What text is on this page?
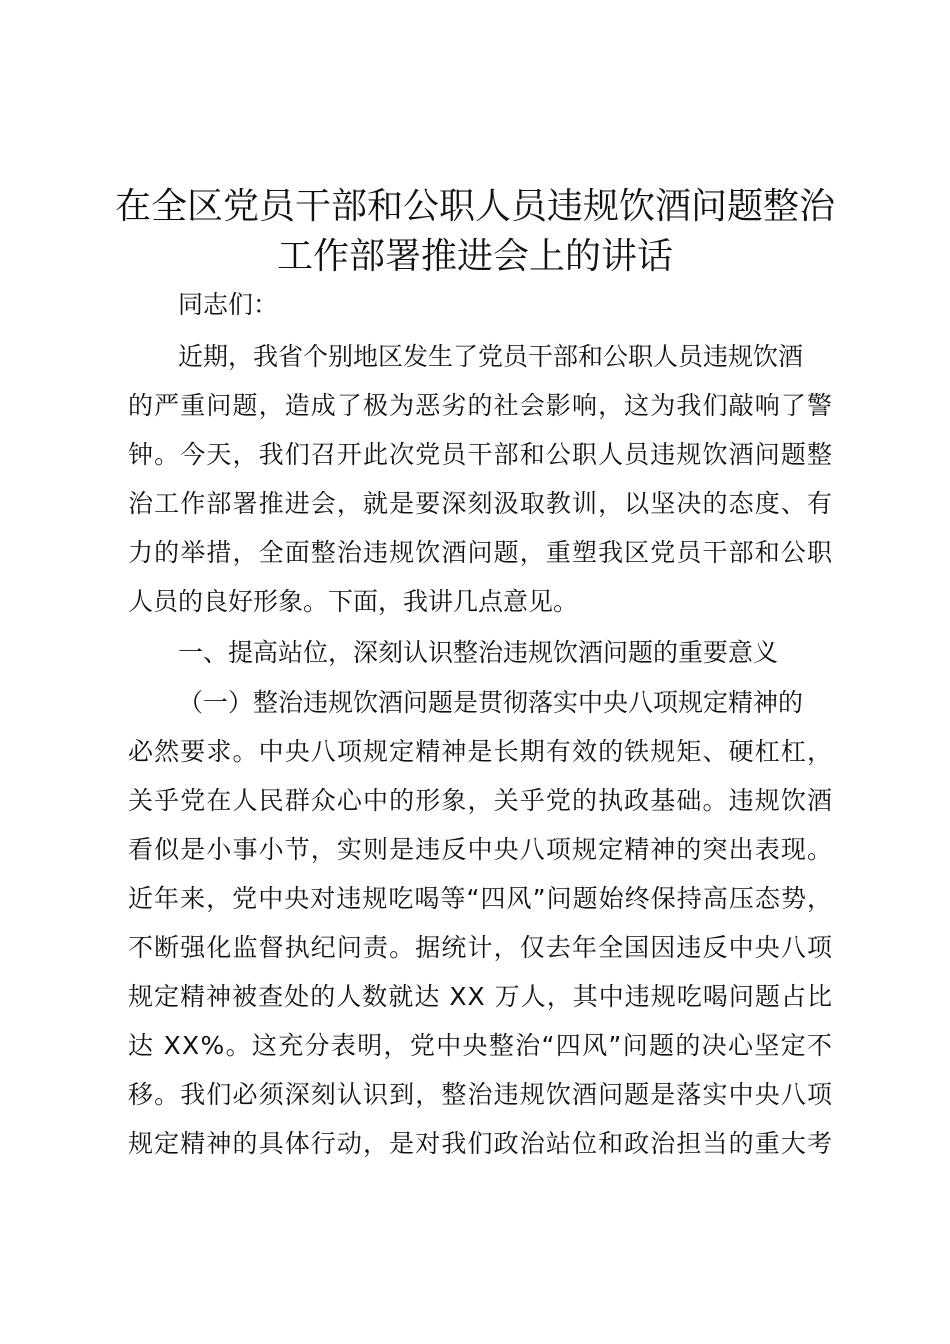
在全区党员干部和公职人员违规饮酒问题整治
工作部署推进会上的讲话

同志们：

近期，我省个别地区发生了党员干部和公职人员违规饮酒

的严重问题，造成了极为恶劣的社会影响，这为我们敲响了警

钟。今天，我们召开此次党员干部和公职人员违规饮酒问题整

治工作部署推进会，就是要深刻汲取教训，以坚决的态度、有

力的举措，全面整治违规饮酒问题，重塑我区党员干部和公职

人员的良好形象。下面，我讲几点意见。

一、提高站位，深刻认识整治违规饮酒问题的重要意义

（一）整治违规饮酒问题是贯彻落实中央八项规定精神的

必然要求。中央八项规定精神是长期有效的铁规矩、硬杠杠，

关乎党在人民群众心中的形象，关乎党的执政基础。违规饮酒

看似是小事小节，实则是违反中央八项规定精神的突出表现。

近年来，党中央对违规吃喝等“四风”问题始终保持高压态势，

不断强化监督执纪问责。据统计，仅去年全国因违反中央八项

规定精神被查处的人数就达 XX 万人，其中违规吃喝问题占比

达 XX%。这充分表明，党中央整治“四风”问题的决心坚定不

移。我们必须深刻认识到，整治违规饮酒问题是落实中央八项

规定精神的具体行动，是对我们政治站位和政治担当的重大考
